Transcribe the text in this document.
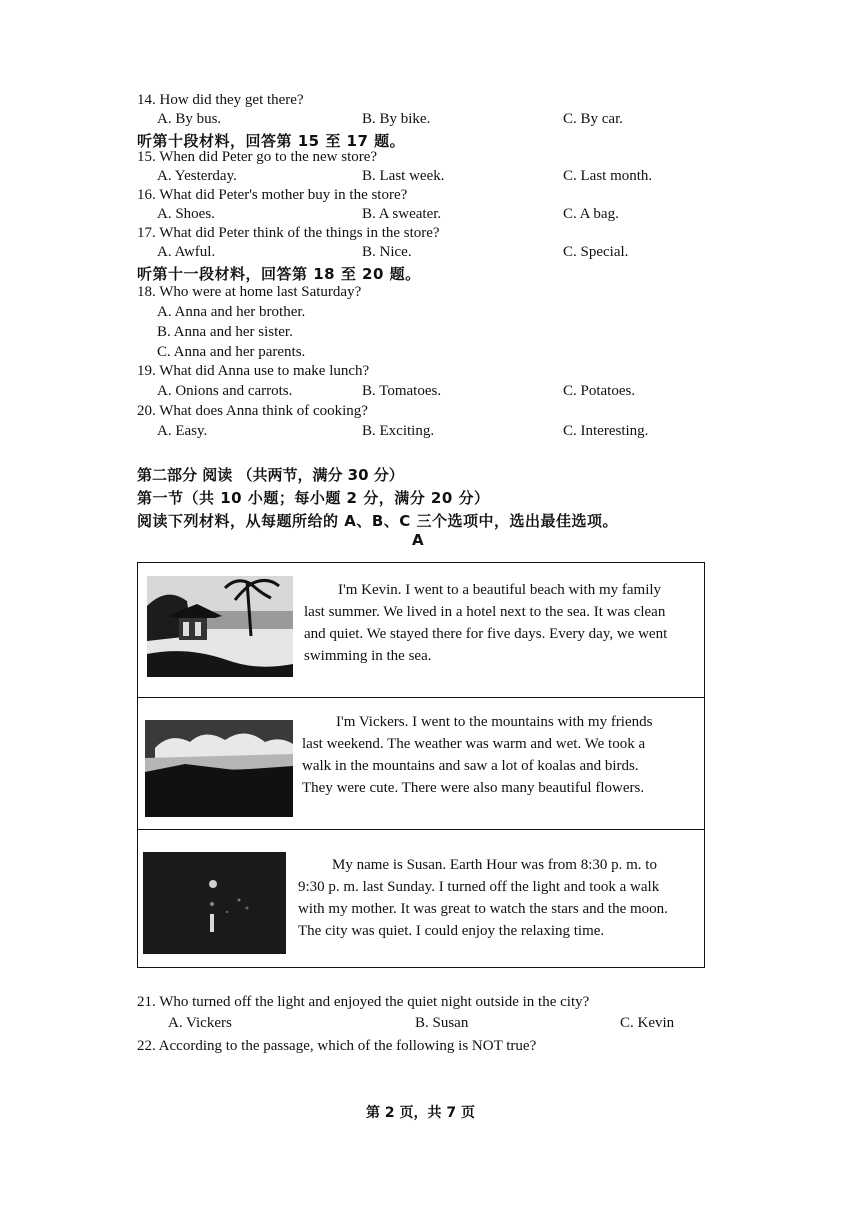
14. How did they get there?
A. By bus.	B. By bike.	C. By car.
听第十段材料，回答第 15 至 17 题。
15. When did Peter go to the new store?
A. Yesterday.	B. Last week.	C. Last month.
16. What did Peter's mother buy in the store?
A. Shoes.	B. A sweater.	C. A bag.
17. What did Peter think of the things in the store?
A. Awful.	B. Nice.	C. Special.
听第十一段材料，回答第 18 至 20 题。
18. Who were at home last Saturday?
A. Anna and her brother.
B. Anna and her sister.
C. Anna and her parents.
19. What did Anna use to make lunch?
A. Onions and carrots.	B. Tomatoes.	C. Potatoes.
20. What does Anna think of cooking?
A. Easy.	B. Exciting.	C. Interesting.
第二部分 阅读 （共两节，满分 30 分）
第一节（共 10 小题；每小题 2 分，满分 20 分）
阅读下列材料，从每题所给的 A、B、C 三个选项中，选出最佳选项。
A
I'm Kevin. I went to a beautiful beach with my family
last summer. We lived in a hotel next to the sea. It was clean
and quiet. We stayed there for five days. Every day, we went
swimming in the sea.
I'm Vickers. I went to the mountains with my friends
last weekend. The weather was warm and wet. We took a
walk in the mountains and saw a lot of koalas and birds.
They were cute. There were also many beautiful flowers.
My name is Susan. Earth Hour was from 8:30 p. m. to
9:30 p. m. last Sunday. I turned off the light and took a walk
with my mother. It was great to watch the stars and the moon.
The city was quiet. I could enjoy the relaxing time.
21. Who turned off the light and enjoyed the quiet night outside in the city?
A. Vickers	B. Susan	C. Kevin
22. According to the passage, which of the following is NOT true?
第 2 页，共 7 页
